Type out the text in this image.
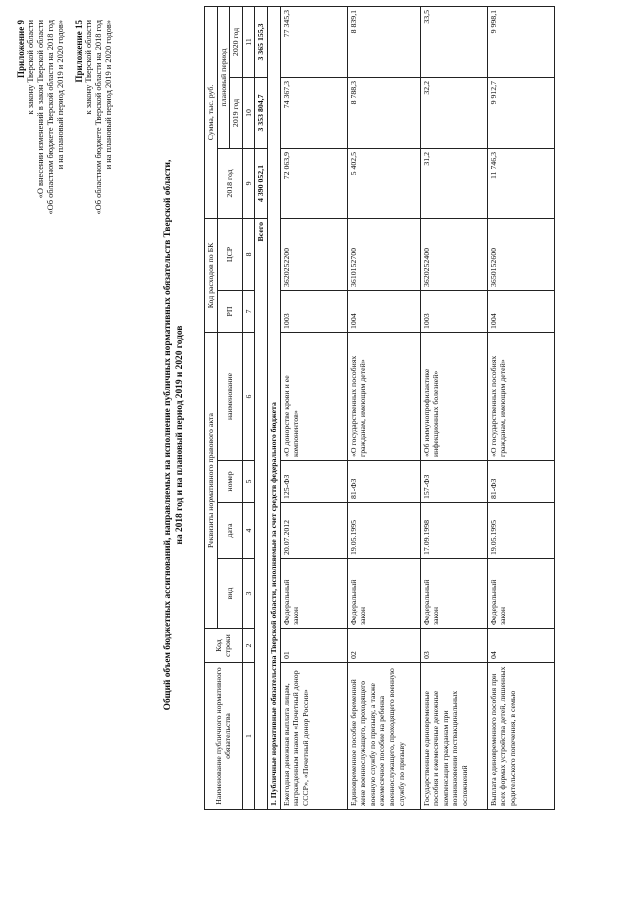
Приложение 9 к закону Тверской области «О внесении изменений в закон Тверской области «Об областном бюджете Тверской области на 2018 год и на плановый период 2019 и 2020 годов» Приложение 15 к закону Тверской области «Об областном бюджете Тверской области на 2018 год и на плановый период 2019 и 2020 годов»
Общий объем бюджетных ассигнований, направляемых на исполнение публичных нормативных обязательств Тверской области, на 2018 год и на плановый период 2019 и 2020 годов
Наименование публичного нормативного обязательства	Код строки	Реквизиты нормативного правового акта				Код расходов по БК		Сумма, тыс. руб.		
		вид	дата	номер	наименование	РП	ЦСР	2018 год	плановый период	
									2019 год	2020 год
1	2	3	4	5	6	7	8	9	10	11
Всего								4 390 052,1	3 353 804,7	3 365 155,3
1. Публичные нормативные обязательства Тверской области, исполняемые за счет средств федерального бюджета										
Ежегодная денежная выплата лицам, награжденным знаком «Почетный донор СССР», «Почетный донор России»	01	Федеральный закон	20.07.2012	125-ФЗ	«О донорстве крови и ее компонентов»	1003	3620252200	72 063,9	74 367,3	77 345,3
Единовременное пособие беременной жене военнослужащего, проходящего военную службу по призыву, а также ежемесячное пособие на ребенка военнослужащего, проходящего военную службу по призыву	02	Федеральный закон	19.05.1995	81-ФЗ	«О государственных пособиях гражданам, имеющим детей»	1004	3610152700	5 402,5	8 788,3	8 839,1
Государственные единовременные пособия и ежемесячные денежные компенсации гражданам при возникновении поствакцинальных осложнений	03	Федеральный закон	17.09.1998	157-ФЗ	«Об иммунопрофилактике инфекционных болезней»	1003	3620252400	31,2	32,2	33,5
Выплата единовременного пособия при всех формах устройства детей, лишенных родительского попечения, в семью	04	Федеральный закон	19.05.1995	81-ФЗ	«О государственных пособиях гражданам, имеющим детей»	1004	3650152600	11 746,3	9 912,7	9 998,1
